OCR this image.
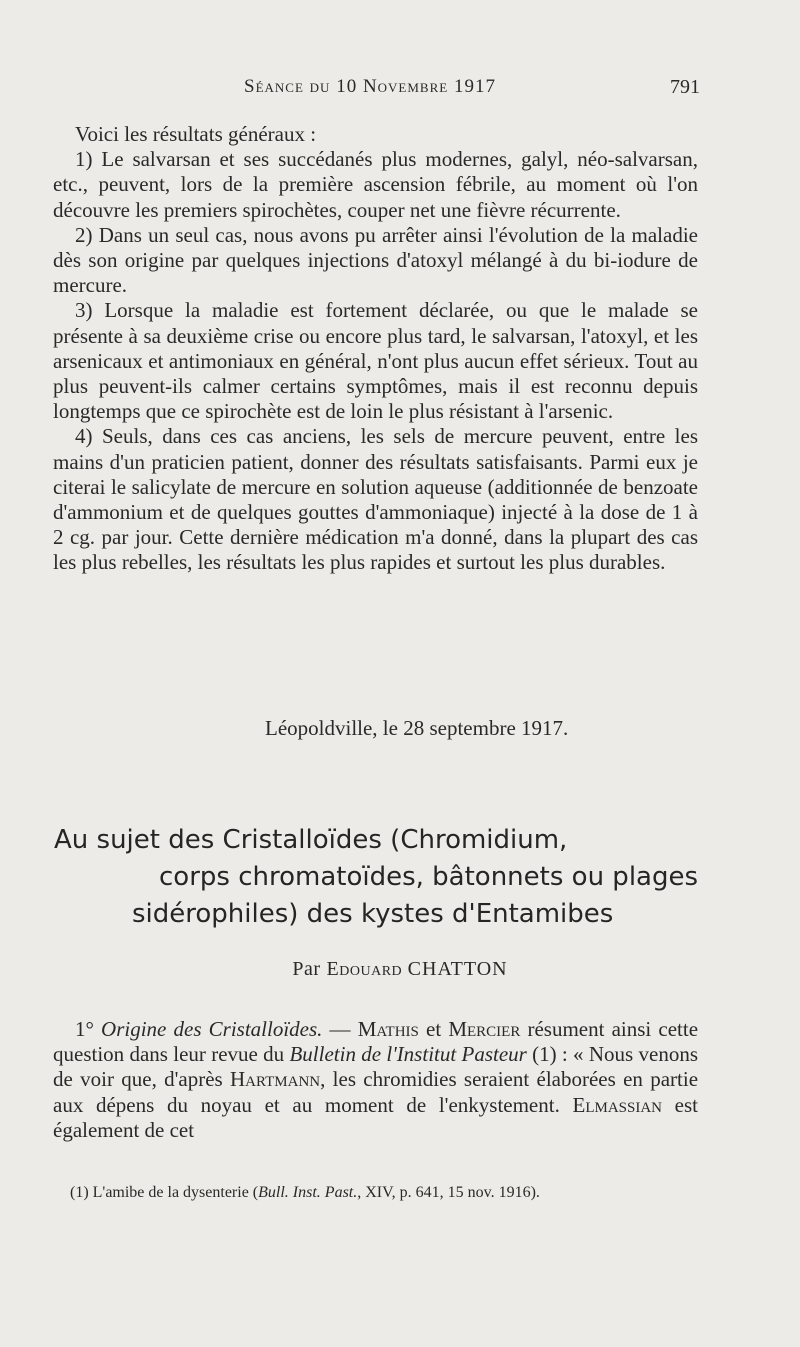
Séance du 10 Novembre 1917	791

Voici les résultats généraux :

1) Le salvarsan et ses succédanés plus modernes, galyl, néo-salvarsan, etc., peuvent, lors de la première ascension fébrile, au moment où l'on découvre les premiers spirochètes, couper net une fièvre récurrente.

2) Dans un seul cas, nous avons pu arrêter ainsi l'évolution de la maladie dès son origine par quelques injections d'atoxyl mélangé à du bi-iodure de mercure.

3) Lorsque la maladie est fortement déclarée, ou que le malade se présente à sa deuxième crise ou encore plus tard, le salvarsan, l'atoxyl, et les arsenicaux et antimoniaux en général, n'ont plus aucun effet sérieux. Tout au plus peuvent-ils calmer certains symptômes, mais il est reconnu depuis longtemps que ce spirochète est de loin le plus résistant à l'arsenic.

4) Seuls, dans ces cas anciens, les sels de mercure peuvent, entre les mains d'un praticien patient, donner des résultats satisfaisants. Parmi eux je citerai le salicylate de mercure en solution aqueuse (additionnée de benzoate d'ammonium et de quelques gouttes d'ammoniaque) injecté à la dose de 1 à 2 cg. par jour. Cette dernière médication m'a donné, dans la plupart des cas les plus rebelles, les résultats les plus rapides et surtout les plus durables.

Léopoldville, le 28 septembre 1917.
Au sujet des Cristalloïdes (Chromidium,
corps chromatoïdes, bâtonnets ou plages
sidérophiles) des kystes d'Entamibes
Par Edouard CHATTON

1° Origine des Cristalloïdes. — Mathis et Mercier résument ainsi cette question dans leur revue du Bulletin de l'Institut Pasteur (1) : « Nous venons de voir que, d'après Hartmann, les chromidies seraient élaborées en partie aux dépens du noyau et au moment de l'enkystement. Elmassian est également de cet

(1) L'amibe de la dysenterie (Bull. Inst. Past., XIV, p. 641, 15 nov. 1916).
